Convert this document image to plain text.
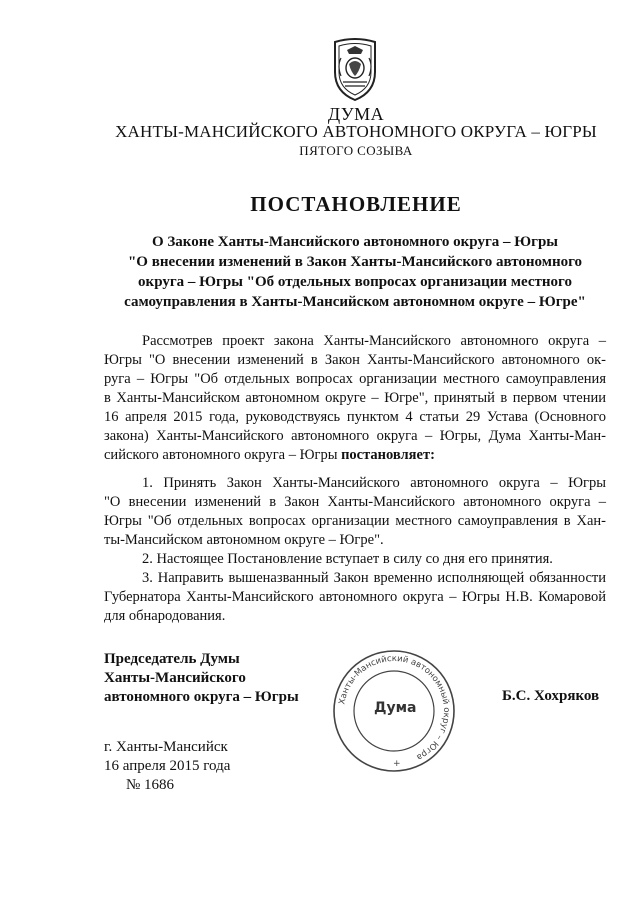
ДУМА
ХАНТЫ-МАНСИЙСКОГО АВТОНОМНОГО ОКРУГА – ЮГРЫ
ПЯТОГО СОЗЫВА
ПОСТАНОВЛЕНИЕ
О Законе Ханты-Мансийского автономного округа – Югры
"О внесении изменений в Закон Ханты-Мансийского автономного
округа – Югры "Об отдельных вопросах организации местного
самоуправления в Ханты-Мансийском автономном округе – Югре"
Рассмотрев проект закона Ханты-Мансийского автономного округа –
Югры "О внесении изменений в Закон Ханты-Мансийского автономного ок-
руга – Югры "Об отдельных вопросах организации местного самоуправления
в Ханты-Мансийском автономном округе – Югре", принятый в первом чтении
16 апреля 2015 года, руководствуясь пунктом 4 статьи 29 Устава (Основного
закона) Ханты-Мансийского автономного округа – Югры, Дума Ханты-Ман-
сийского автономного округа – Югры постановляет:
1. Принять Закон Ханты-Мансийского автономного округа – Югры
"О внесении изменений в Закон Ханты-Мансийского автономного округа –
Югры "Об отдельных вопросах организации местного самоуправления в Хан-
ты-Мансийском автономном округе – Югре".
2. Настоящее Постановление вступает в силу со дня его принятия.
3. Направить вышеназванный Закон временно исполняющей обязанности
Губернатора Ханты-Мансийского автономного округа – Югры Н.В. Комаровой
для обнародования.
Председатель Думы
Ханты-Мансийского
автономного округа – Югры	Ханты-Мансийский автономный округ – Югра
+
Дума
Б.С. Хохряков
г. Ханты-Мансийск
16 апреля 2015 года
№ 1686
